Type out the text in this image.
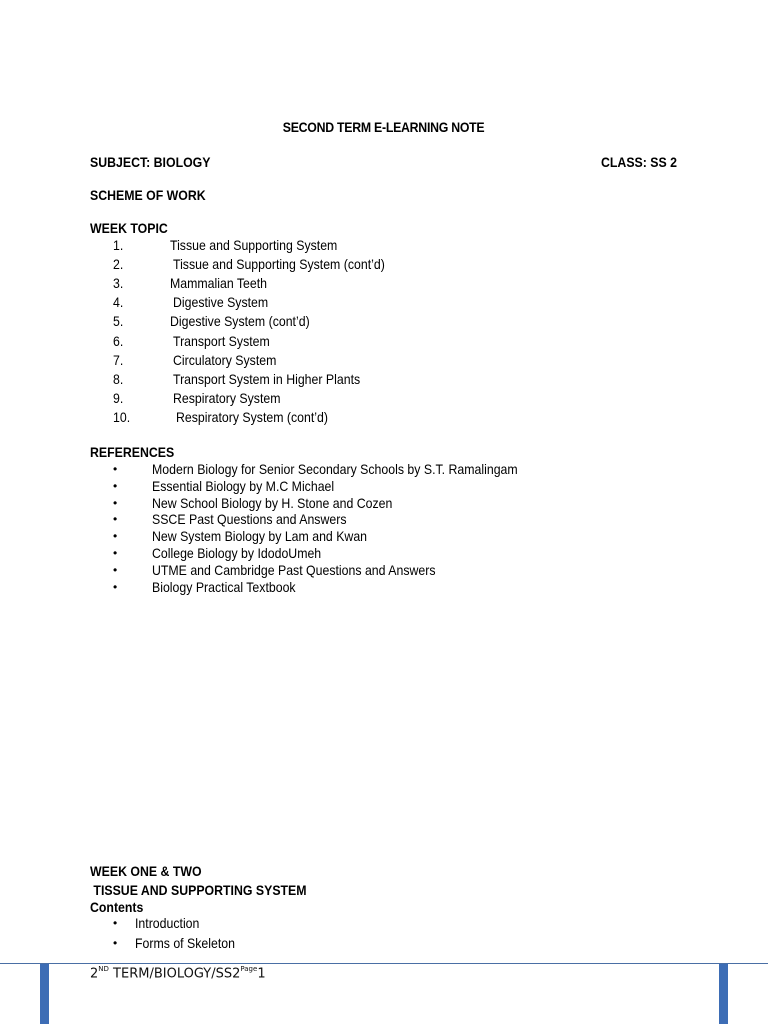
SECOND TERM E-LEARNING NOTE
SUBJECT: BIOLOGY	CLASS: SS 2
SCHEME OF WORK
WEEK TOPIC
1.	Tissue and Supporting System
2.	Tissue and Supporting System (cont’d)
3.	Mammalian Teeth
4.	Digestive System
5.	Digestive System (cont’d)
6.	Transport System
7.	Circulatory System
8.	Transport System in Higher Plants
9.	Respiratory System
10.	Respiratory System (cont’d)
REFERENCES
• Modern Biology for Senior Secondary Schools by S.T. Ramalingam
• Essential Biology by M.C Michael
• New School Biology by H. Stone and Cozen
• SSCE Past Questions and Answers
• New System Biology by Lam and Kwan
• College Biology by IdodoUmeh
• UTME and Cambridge Past Questions and Answers
• Biology Practical Textbook
WEEK ONE & TWO
TISSUE AND SUPPORTING SYSTEM
Contents
• Introduction
• Forms of Skeleton
2ND TERM/$BIOLOGY/SS2^{Page}1$
